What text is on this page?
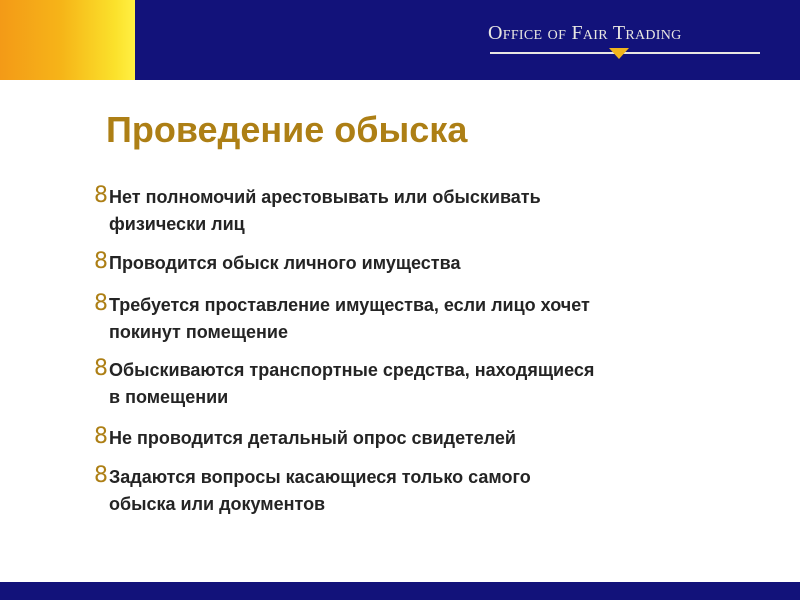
Office of Fair Trading
Проведение обыска
8 Нет полномочий арестовывать или обыскивать
физически лиц
8 Проводится обыск личного имущества
8 Требуется проставление имущества, если лицо хочет
покинут помещение
8 Обыскиваются транспортные средства, находящиеся
в помещении
8 Не проводится детальный опрос свидетелей
8 Задаются вопросы касающиеся только самого
обыска или документов
